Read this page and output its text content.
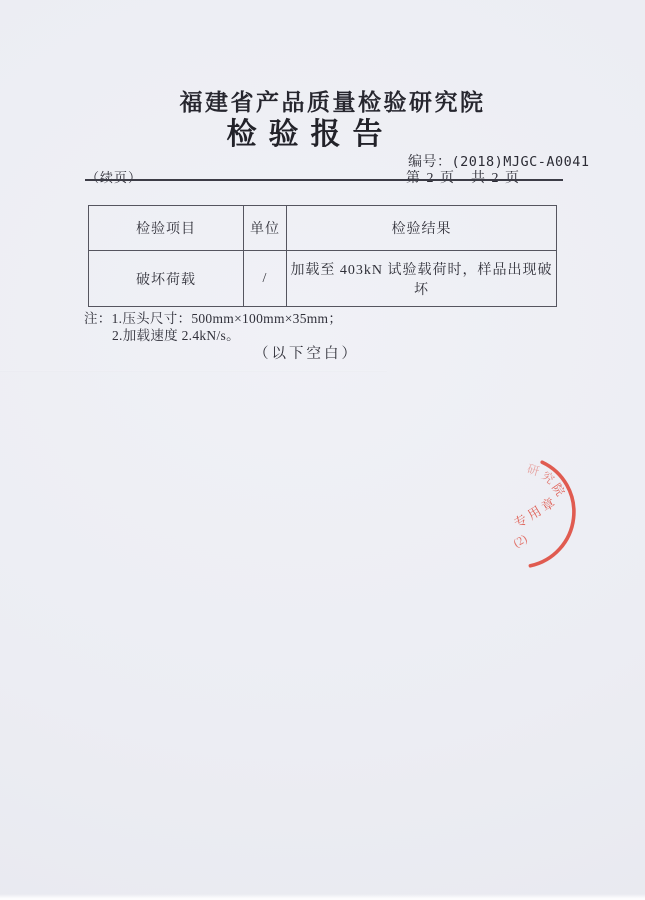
福建省产品质量检验研究院
检验报告
编号：(2018)MJGC-A0041
第 2 页　共 2 页
（续页）
检验项目	单位	检验结果
破坏荷载	/	加载至 403kN 试验载荷时，样品出现破坏
注：1.压头尺寸：500mm×100mm×35mm；
2.加载速度 2.4kN/s。
（以下空白）
研
究
院
专用章
(2)
